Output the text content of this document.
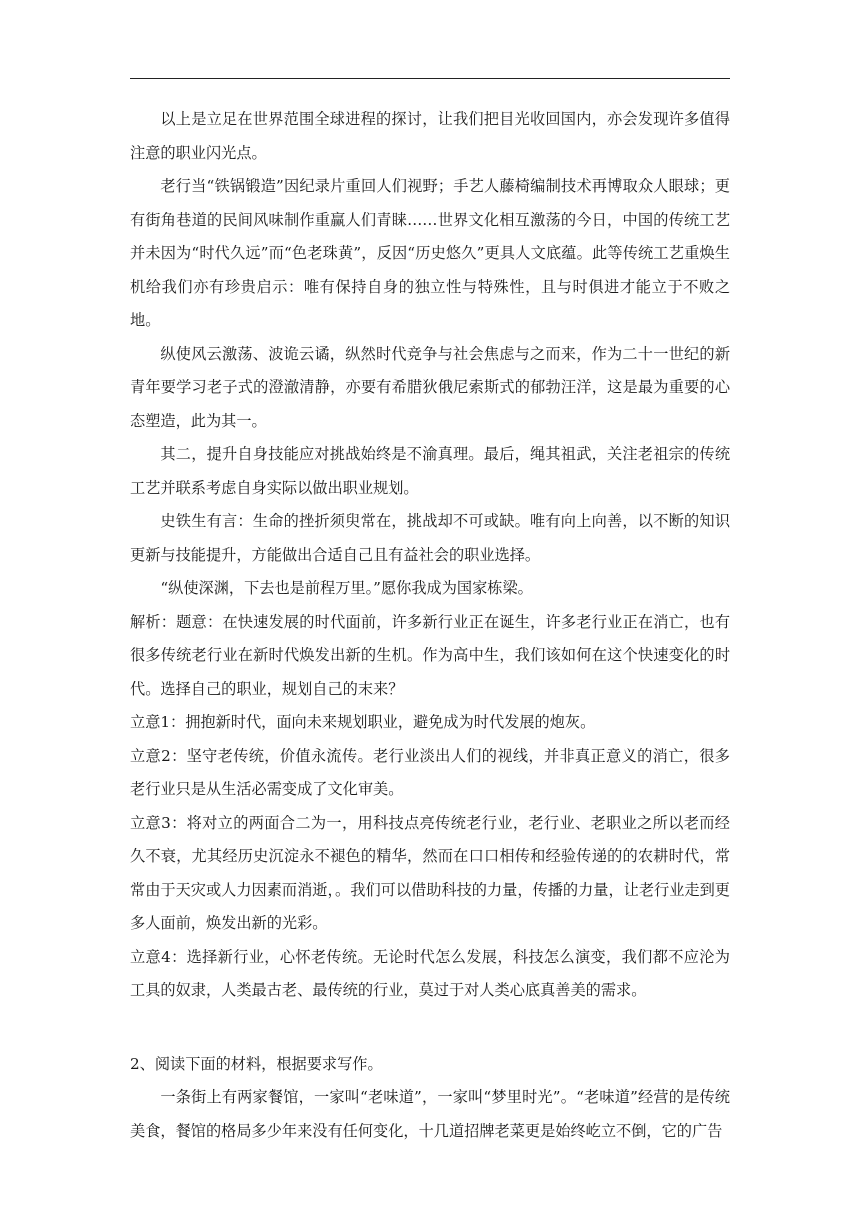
以上是立足在世界范围全球进程的探讨，让我们把目光收回国内，亦会发现许多值得注意的职业闪光点。

老行当“铁锅锻造”因纪录片重回人们视野；手艺人藤椅编制技术再博取众人眼球；更有街角巷道的民间风味制作重赢人们青睐……世界文化相互激荡的今日，中国的传统工艺并未因为“时代久远”而“色老珠黄”，反因“历史悠久”更具人文底蕴。此等传统工艺重焕生机给我们亦有珍贵启示：唯有保持自身的独立性与特殊性，且与时俱进才能立于不败之地。

纵使风云激荡、波诡云谲，纵然时代竞争与社会焦虑与之而来，作为二十一世纪的新青年要学习老子式的澄澈清静，亦要有希腊狄俄尼索斯式的郁勃汪洋，这是最为重要的心态塑造，此为其一。

其二，提升自身技能应对挑战始终是不渝真理。最后，绳其祖武，关注老祖宗的传统工艺并联系考虑自身实际以做出职业规划。

史铁生有言：生命的挫折须臾常在，挑战却不可或缺。唯有向上向善，以不断的知识更新与技能提升，方能做出合适自己且有益社会的职业选择。

“纵使深渊，下去也是前程万里。”愿你我成为国家栋梁。

解析：题意：在快速发展的时代面前，许多新行业正在诞生，许多老行业正在消亡，也有很多传统老行业在新时代焕发出新的生机。作为高中生，我们该如何在这个快速变化的时代。选择自己的职业，规划自己的末来？

立意1：拥抱新时代，面向未来规划职业，避免成为时代发展的炮灰。

立意2：坚守老传统，价值永流传。老行业淡出人们的视线，并非真正意义的消亡，很多老行业只是从生活必需变成了文化审美。

立意3：将对立的两面合二为一，用科技点亮传统老行业，老行业、老职业之所以老而经久不衰，尤其经历史沉淀永不褪色的精华，然而在口口相传和经验传递的的农耕时代，常常由于天灾或人力因素而消逝，。我们可以借助科技的力量，传播的力量，让老行业走到更多人面前，焕发出新的光彩。

立意4：选择新行业，心怀老传统。无论时代怎么发展，科技怎么演变，我们都不应沦为工具的奴隶，人类最古老、最传统的行业，莫过于对人类心底真善美的需求。

2、阅读下面的材料，根据要求写作。

一条街上有两家餐馆，一家叫“老味道”，一家叫“梦里时光”。“老味道”经营的是传统美食，餐馆的格局多少年来没有任何变化，十几道招牌老菜更是始终屹立不倒，它的广告
